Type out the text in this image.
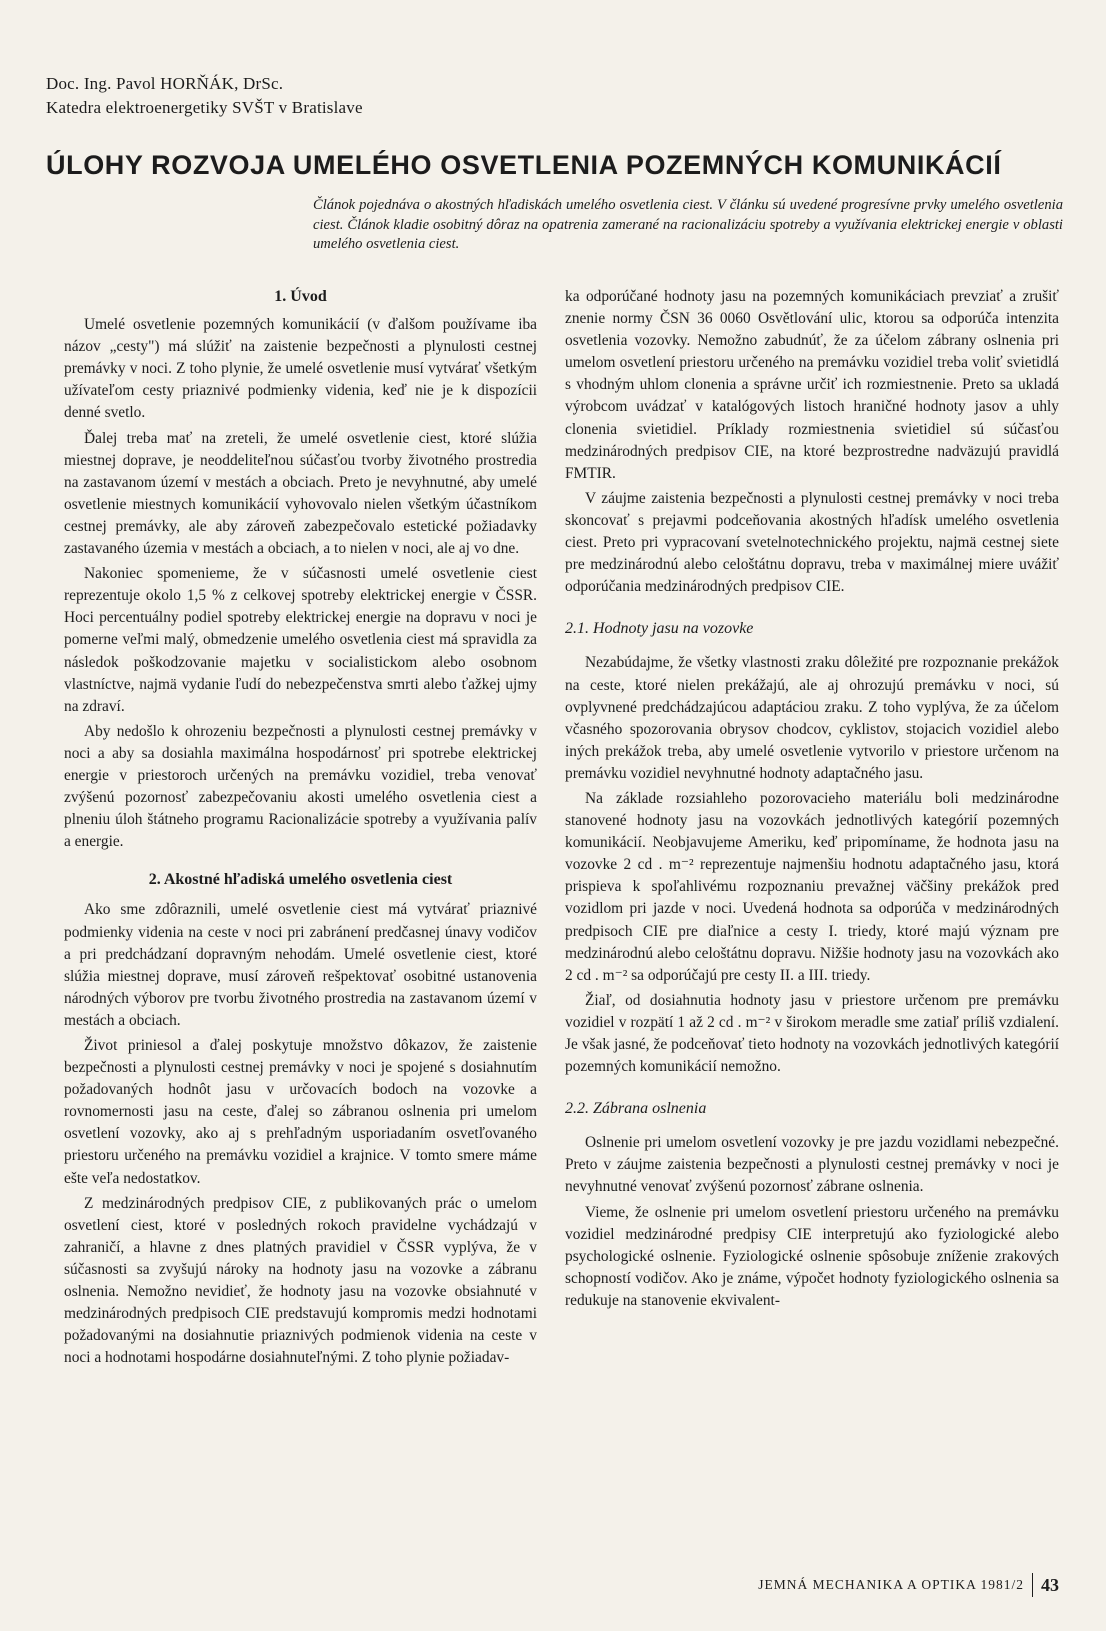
Doc. Ing. Pavol HORŇÁK, DrSc.
Katedra elektroenergetiky SVŠT v Bratislave
ÚLOHY ROZVOJA UMELÉHO OSVETLENIA POZEMNÝCH KOMUNIKÁCIÍ

Článok pojednáva o akostných hľadiskách umelého osvetlenia ciest. V článku sú uvedené progresívne prvky umelého osvetlenia ciest. Článok kladie osobitný dôraz na opatrenia zamerané na racionalizáciu spotreby a využívania elektrickej energie v oblasti umelého osvetlenia ciest.

1. Úvod

Umelé osvetlenie pozemných komunikácií (v ďalšom používame iba názov „cesty") má slúžiť na zaistenie bezpečnosti a plynulosti cestnej premávky v noci. Z toho plynie, že umelé osvetlenie musí vytvárať všetkým užívateľom cesty priaznivé podmienky videnia, keď nie je k dispozícii denné svetlo.

Ďalej treba mať na zreteli, že umelé osvetlenie ciest, ktoré slúžia miestnej doprave, je neoddeliteľnou súčasťou tvorby životného prostredia na zastavanom území v mestách a obciach. Preto je nevyhnutné, aby umelé osvetlenie miestnych komunikácií vyhovovalo nielen všetkým účastníkom cestnej premávky, ale aby zároveň zabezpečovalo estetické požiadavky zastavaného územia v mestách a obciach, a to nielen v noci, ale aj vo dne.

Nakoniec spomenieme, že v súčasnosti umelé osvetlenie ciest reprezentuje okolo 1,5 % z celkovej spotreby elektrickej energie v ČSSR. Hoci percentuálny podiel spotreby elektrickej energie na dopravu v noci je pomerne veľmi malý, obmedzenie umelého osvetlenia ciest má spravidla za následok poškodzovanie majetku v socialistickom alebo osobnom vlastníctve, najmä vydanie ľudí do nebezpečenstva smrti alebo ťažkej ujmy na zdraví.

Aby nedošlo k ohrozeniu bezpečnosti a plynulosti cestnej premávky v noci a aby sa dosiahla maximálna hospodárnosť pri spotrebe elektrickej energie v priestoroch určených na premávku vozidiel, treba venovať zvýšenú pozornosť zabezpečovaniu akosti umelého osvetlenia ciest a plneniu úloh štátneho programu Racionalizácie spotreby a využívania palív a energie.

2. Akostné hľadiská umelého osvetlenia ciest

Ako sme zdôraznili, umelé osvetlenie ciest má vytvárať priaznivé podmienky videnia na ceste v noci pri zabránení predčasnej únavy vodičov a pri predchádzaní dopravným nehodám. Umelé osvetlenie ciest, ktoré slúžia miestnej doprave, musí zároveň rešpektovať osobitné ustanovenia národných výborov pre tvorbu životného prostredia na zastavanom území v mestách a obciach.

Život priniesol a ďalej poskytuje množstvo dôkazov, že zaistenie bezpečnosti a plynulosti cestnej premávky v noci je spojené s dosiahnutím požadovaných hodnôt jasu v určovacích bodoch na vozovke a rovnomernosti jasu na ceste, ďalej so zábranou oslnenia pri umelom osvetlení vozovky, ako aj s prehľadným usporiadaním osvetľovaného priestoru určeného na premávku vozidiel a krajnice. V tomto smere máme ešte veľa nedostatkov.

Z medzinárodných predpisov CIE, z publikovaných prác o umelom osvetlení ciest, ktoré v posledných rokoch pravidelne vychádzajú v zahraničí, a hlavne z dnes platných pravidiel v ČSSR vyplýva, že v súčasnosti sa zvyšujú nároky na hodnoty jasu na vozovke a zábranu oslnenia. Nemožno nevidieť, že hodnoty jasu na vozovke obsiahnuté v medzinárodných predpisoch CIE predstavujú kompromis medzi hodnotami požadovanými na dosiahnutie priaznivých podmienok videnia na ceste v noci a hodnotami hospodárne dosiahnuteľnými. Z toho plynie požiadav-

ka odporúčané hodnoty jasu na pozemných komunikáciach prevziať a zrušiť znenie normy ČSN 36 0060 Osvětlování ulic, ktorou sa odporúča intenzita osvetlenia vozovky. Nemožno zabudnúť, že za účelom zábrany oslnenia pri umelom osvetlení priestoru určeného na premávku vozidiel treba voliť svietidlá s vhodným uhlom clonenia a správne určiť ich rozmiestnenie. Preto sa ukladá výrobcom uvádzať v katalógových listoch hraničné hodnoty jasov a uhly clonenia svietidiel. Príklady rozmiestnenia svietidiel sú súčasťou medzinárodných predpisov CIE, na ktoré bezprostredne nadväzujú pravidlá FMTIR.

V záujme zaistenia bezpečnosti a plynulosti cestnej premávky v noci treba skoncovať s prejavmi podceňovania akostných hľadísk umelého osvetlenia ciest. Preto pri vypracovaní svetelnotechnického projektu, najmä cestnej siete pre medzinárodnú alebo celoštátnu dopravu, treba v maximálnej miere uvážiť odporúčania medzinárodných predpisov CIE.

2.1. Hodnoty jasu na vozovke

Nezabúdajme, že všetky vlastnosti zraku dôležité pre rozpoznanie prekážok na ceste, ktoré nielen prekážajú, ale aj ohrozujú premávku v noci, sú ovplyvnené predchádzajúcou adaptáciou zraku. Z toho vyplýva, že za účelom včasného spozorovania obrysov chodcov, cyklistov, stojacich vozidiel alebo iných prekážok treba, aby umelé osvetlenie vytvorilo v priestore určenom na premávku vozidiel nevyhnutné hodnoty adaptačného jasu.

Na základe rozsiahleho pozorovacieho materiálu boli medzinárodne stanovené hodnoty jasu na vozovkách jednotlivých kategórií pozemných komunikácií. Neobjavujeme Ameriku, keď pripomíname, že hodnota jasu na vozovke 2 cd . m⁻² reprezentuje najmenšiu hodnotu adaptačného jasu, ktorá prispieva k spoľahlivému rozpoznaniu prevažnej väčšiny prekážok pred vozidlom pri jazde v noci. Uvedená hodnota sa odporúča v medzinárodných predpisoch CIE pre diaľnice a cesty I. triedy, ktoré majú význam pre medzinárodnú alebo celoštátnu dopravu. Nižšie hodnoty jasu na vozovkách ako 2 cd . m⁻² sa odporúčajú pre cesty II. a III. triedy.

Žiaľ, od dosiahnutia hodnoty jasu v priestore určenom pre premávku vozidiel v rozpätí 1 až 2 cd . m⁻² v širokom meradle sme zatiaľ príliš vzdialení. Je však jasné, že podceňovať tieto hodnoty na vozovkách jednotlivých kategórií pozemných komunikácií nemožno.

2.2. Zábrana oslnenia

Oslnenie pri umelom osvetlení vozovky je pre jazdu vozidlami nebezpečné. Preto v záujme zaistenia bezpečnosti a plynulosti cestnej premávky v noci je nevyhnutné venovať zvýšenú pozornosť zábrane oslnenia.

Vieme, že oslnenie pri umelom osvetlení priestoru určeného na premávku vozidiel medzinárodné predpisy CIE interpretujú ako fyziologické alebo psychologické oslnenie. Fyziologické oslnenie spôsobuje zníženie zrakových schopností vodičov. Ako je známe, výpočet hodnoty fyziologického oslnenia sa redukuje na stanovenie ekvivalent-

JEMNÁ MECHANIKA A OPTIKA 1981/2 43
